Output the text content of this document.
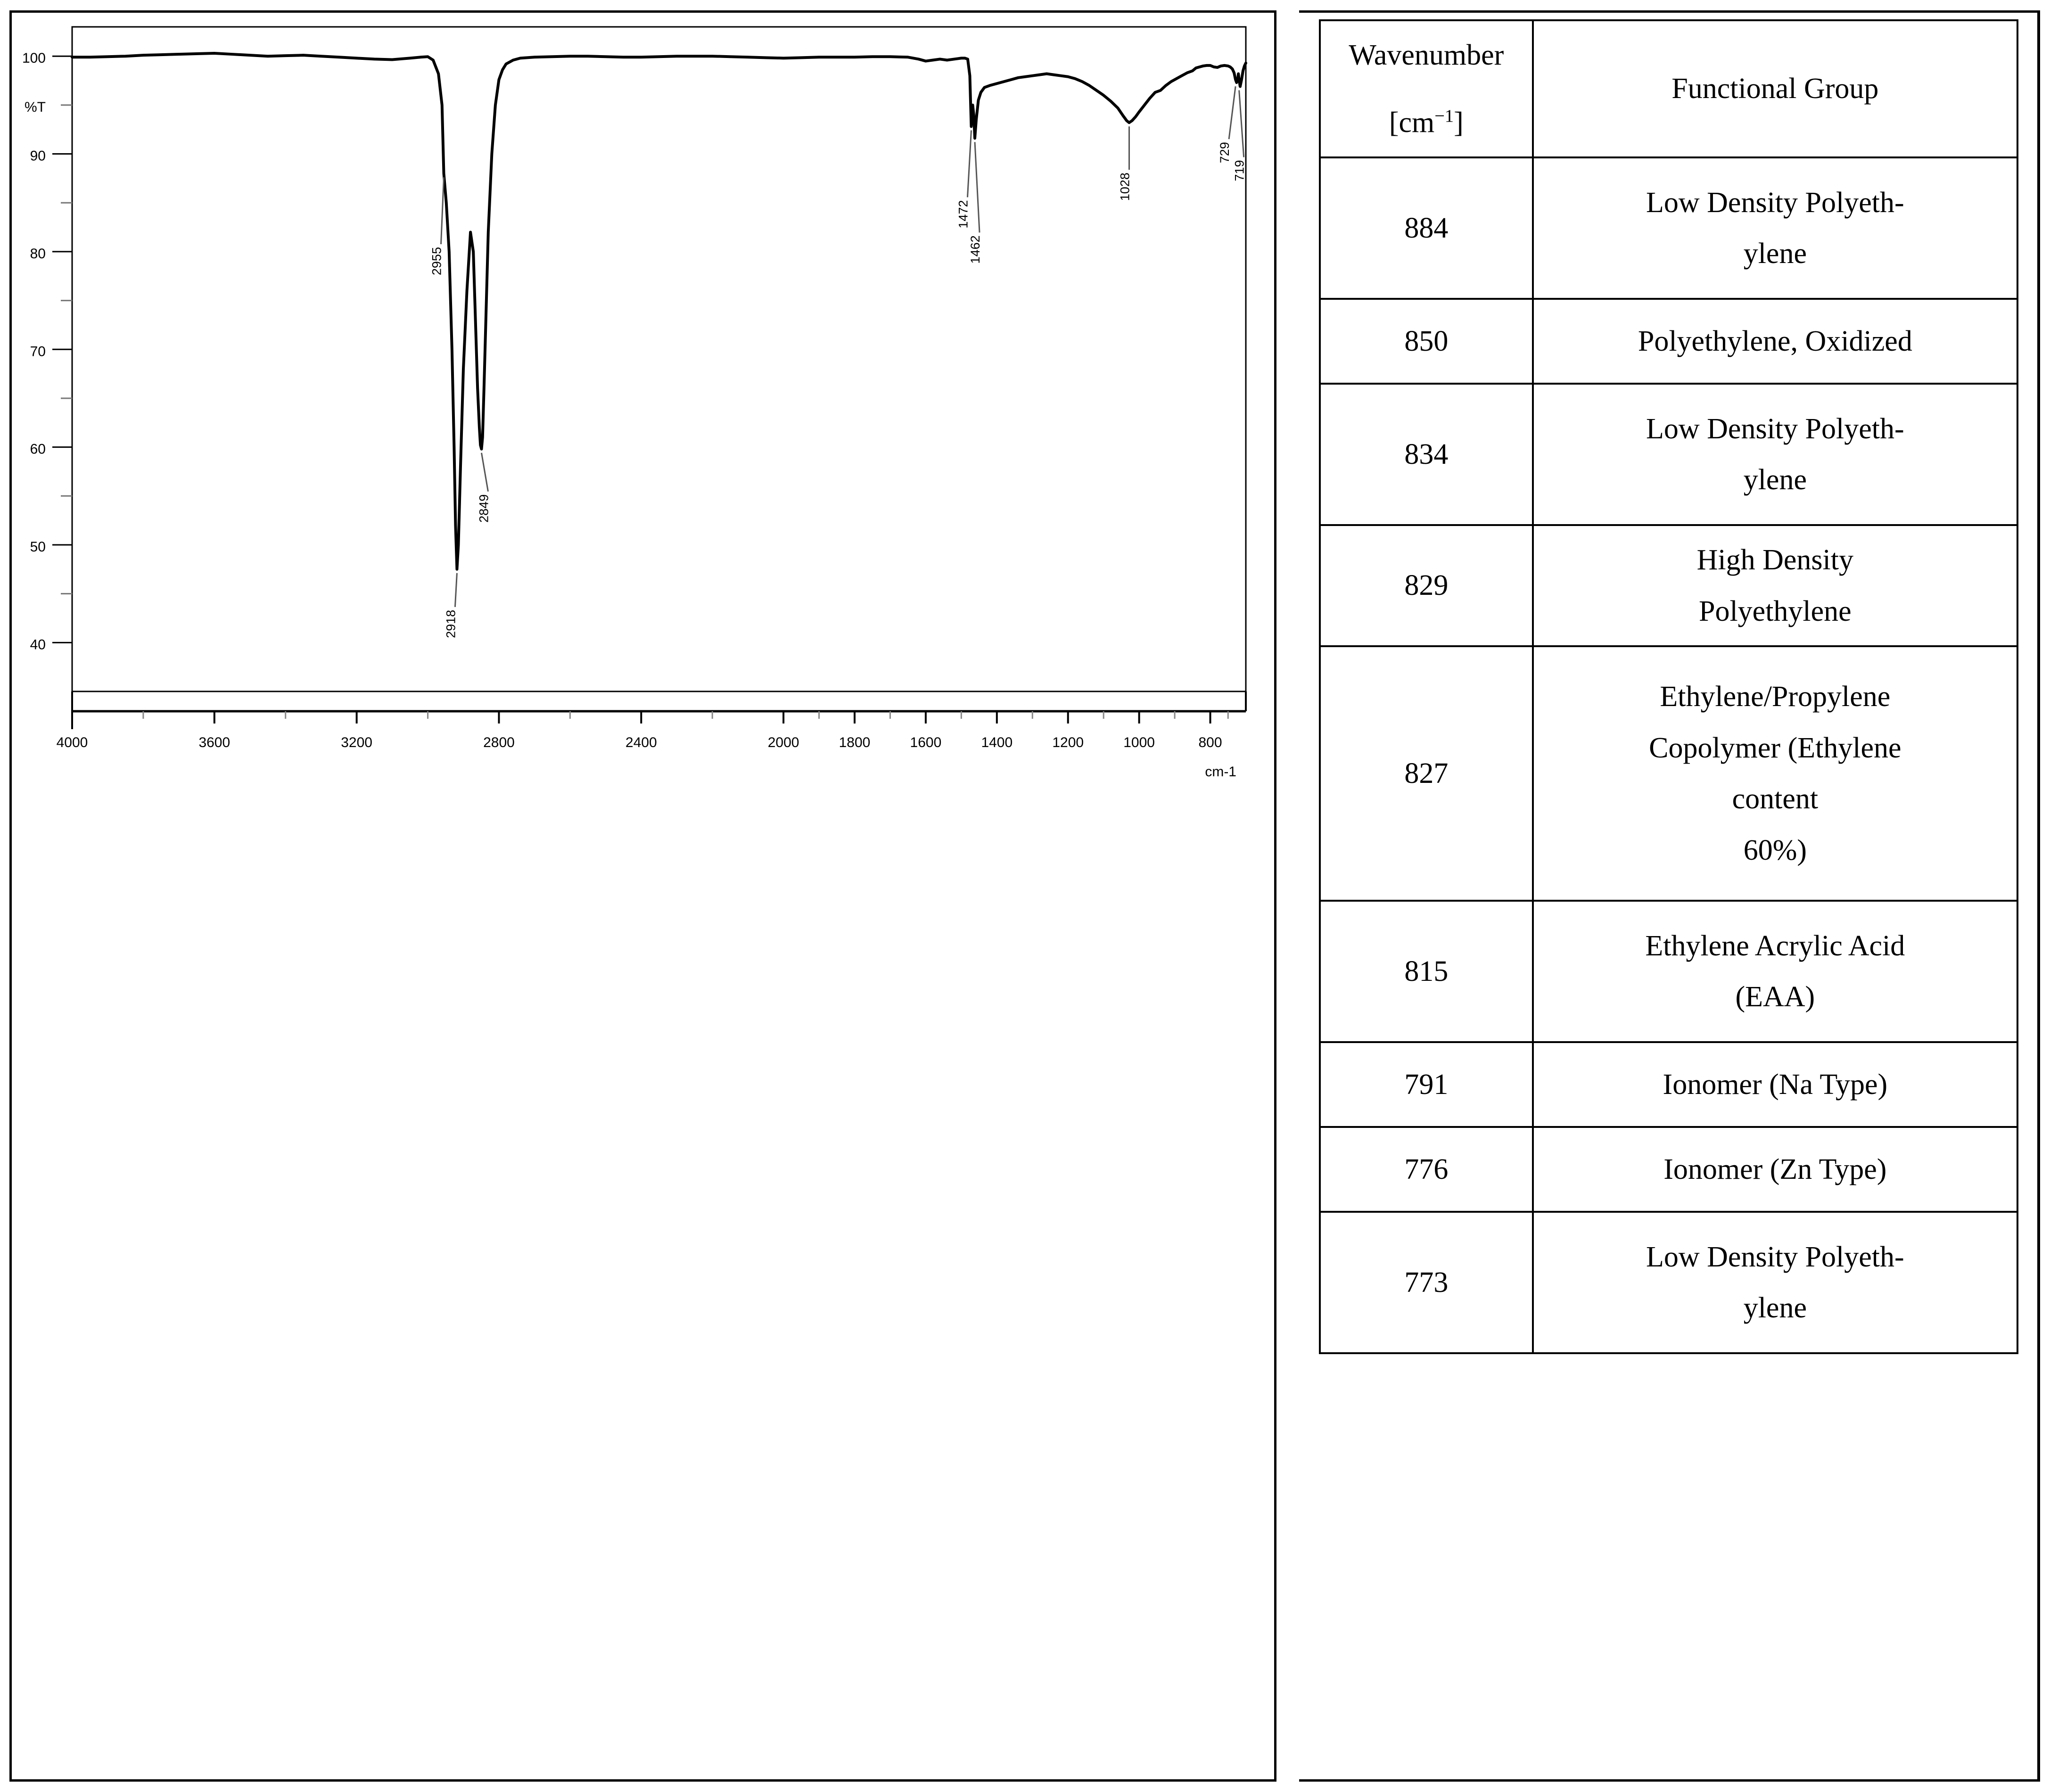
40
50
60
70
80
90
100
%T
4000	3600	3200	2800	2400	2000	1800	1600	1400	1200	1000	800
cm-1
2955
2918
2849
1472
1462
1028
729
719
Wavenumber
$[cm^{-1}]$	Functional Group
884	Low Density Polyeth-
ylene

850	Polyethylene, Oxidized

834	Low Density Polyeth-
ylene

829	High Density
Polyethylene

827	Ethylene/Propylene
Copolymer (Ethylene
content
60%)

815	Ethylene Acrylic Acid
(EAA)

791	Ionomer (Na Type)

776	Ionomer (Zn Type)

773	Low Density Polyeth-
ylene
